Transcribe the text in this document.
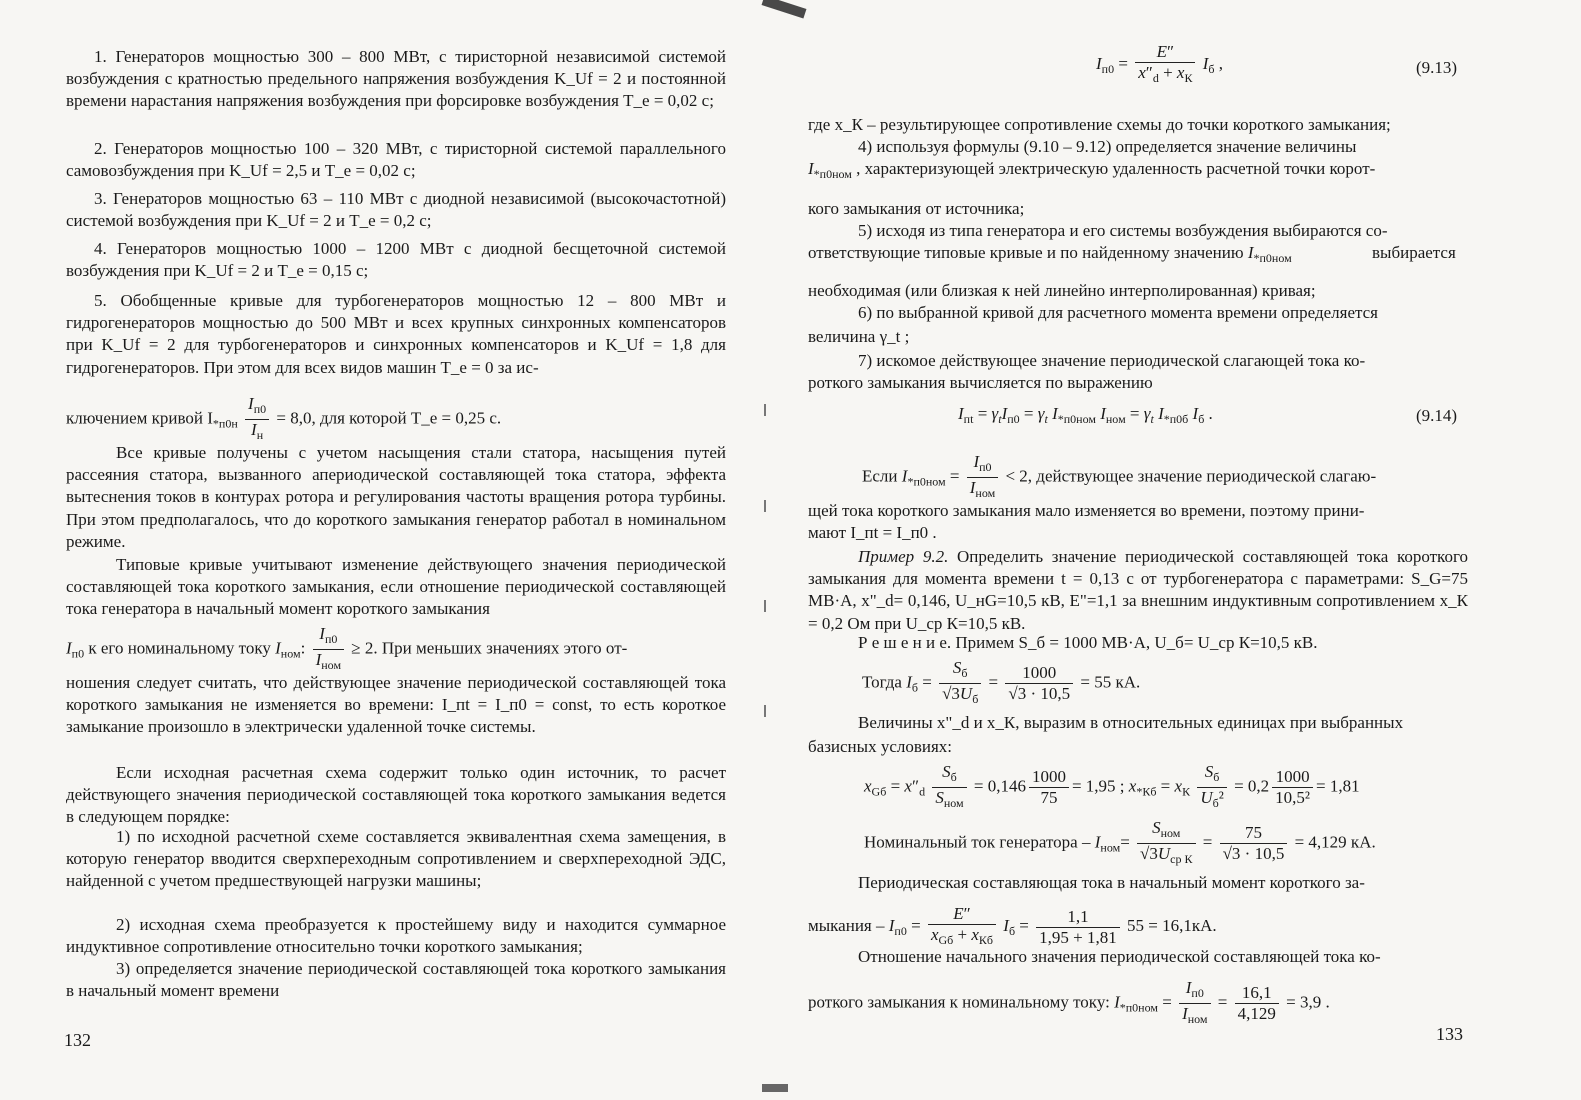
1. Генераторов мощностью 300 – 800 МВт, с тиристорной независимой системой возбуждения с кратностью предельного напряжения возбуждения K_Uf = 2 и постоянной времени нарастания напряжения возбуждения при форсировке возбуждения T_e = 0,02 с;

2. Генераторов мощностью 100 – 320 МВт, с тиристорной системой параллельного самовозбуждения при K_Uf = 2,5 и T_e = 0,02 с;

3. Генераторов мощностью 63 – 110 МВт с диодной независимой (высокочастотной) системой возбуждения при K_Uf = 2 и T_e = 0,2 с;

4. Генераторов мощностью 1000 – 1200 МВт с диодной бесщеточной системой возбуждения при K_Uf = 2 и T_e = 0,15 с;

5. Обобщенные кривые для турбогенераторов мощностью 12 – 800 МВт и гидрогенераторов мощностью до 500 МВт и всех крупных синхронных компенсаторов при K_Uf = 2 для турбогенераторов и синхронных компенсаторов и K_Uf = 1,8 для гидрогенераторов. При этом для всех видов машин T_e = 0 за ис-

ключением кривой $I_{*п0н} \frac{I_{п0}}{I_н} = 8,0$, для которой T_e = 0,25 с.

Все кривые получены с учетом насыщения стали статора, насыщения путей рассеяния статора, вызванного апериодической составляющей тока статора, эффекта вытеснения токов в контурах ротора и регулирования частоты вращения ротора турбины. При этом предполагалось, что до короткого замыкания генератор работал в номинальном режиме.

Типовые кривые учитывают изменение действующего значения периодической составляющей тока короткого замыкания, если отношение периодической составляющей тока генератора в начальный момент короткого замыкания

$I_{п0}$ к его номинальному току $I_{ном}$: $\frac{I_{п0}}{I_{ном}} \ge 2$. При меньших значениях этого от-

ношения следует считать, что действующее значение периодической составляющей тока короткого замыкания не изменяется во времени: I_пt = I_п0 = const, то есть короткое замыкание произошло в электрически удаленной точке системы.

Если исходная расчетная схема содержит только один источник, то расчет действующего значения периодической составляющей тока короткого замыкания ведется в следующем порядке:

1) по исходной расчетной схеме составляется эквивалентная схема замещения, в которую генератор вводится сверхпереходным сопротивлением и сверхпереходной ЭДС, найденной с учетом предшествующей нагрузки машины;

2) исходная схема преобразуется к простейшему виду и находится суммарное индуктивное сопротивление относительно точки короткого замыкания;

3) определяется значение периодической составляющей тока короткого замыкания в начальный момент времени

132
$I_{п0} = \frac{E''}{x''_d + x_К} I_б$ ,	(9.13)

где x_К – результирующее сопротивление схемы до точки короткого замыкания;

4) используя формулы (9.10 – 9.12) определяется значение величины

$I_{*п0ном}$ , характеризующей электрическую удаленность расчетной точки корот-

кого замыкания от источника;

5) исходя из типа генератора и его системы возбуждения выбираются со-

ответствующие типовые кривые и по найденному значению $I_{*п0ном}$	выбирается

необходимая (или близкая к ней линейно интерполированная) кривая;

6) по выбранной кривой для расчетного момента времени определяется

величина γ_t ;

7) искомое действующее значение периодической слагающей тока ко-

роткого замыкания вычисляется по выражению

$I_{пt} = \gamma_tI_{п0} = \gamma_t$ $I_{*п0ном}$ $I_{ном} = \gamma_t$ $I_{*п0б}$ $I_б$ .	(9.14)
Если $I_{*п0ном} = \frac{I_{п0}}{I_{ном}} < 2$, действующее значение периодической слагаю-

щей тока короткого замыкания мало изменяется во времени, поэтому прини-

мают I_пt = I_п0 .

Пример 9.2. Определить значение периодической составляющей тока короткого замыкания для момента времени t = 0,13 с от турбогенератора с параметрами: S_G=75 МВ·А, x"_d= 0,146, U_нG=10,5 кВ, E"=1,1 за внешним индуктивным сопротивлением x_К = 0,2 Ом при U_ср К=10,5 кВ.

Р е ш е н и е. Примем S_б = 1000 МВ·А, U_б= U_ср К=10,5 кВ.

Тогда $I_б = \frac{S_б}{√3U_б} = \frac{1000}{√3 \cdot 10,5} = 55$ кА.

Величины x"_d и x_К, выразим в относительных единицах при выбранных

базисных условиях:

$x_{Gб} = x''_d \frac{S_б}{S_{ном}} = 0,146 \frac{1000}{75} = 1,95$ ; $x_{*Кб} = x_К \frac{S_б}{U_б^2} = 0,2 \frac{1000}{\text{10,5²}} = 1,81$
Номинальный ток генератора – $I_{ном}= \frac{S_{ном}}{√3U_{ср К}} = \frac{75}{√3 \cdot 10,5} = 4,129$ кА.

Периодическая составляющая тока в начальный момент короткого за-

мыкания – $I_{п0} = \frac{E''}{x_{Gб} + x_{Кб}} I_б = \frac{1,1}{1,95 + 1,81} 55 = 16,1кА$.

Отношение начального значения периодической составляющей тока ко-

роткого замыкания к номинальному току: $I_{*п0ном} = \frac{I_{п0}}{I_{ном}} = \frac{16,1}{4,129} = 3,9$ .
133
